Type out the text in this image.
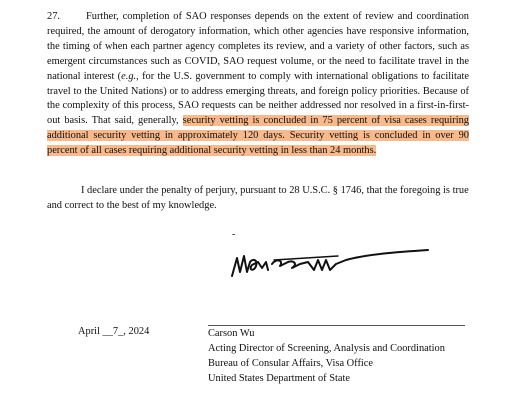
27.	Further, completion of SAO responses depends on the extent of review and coordination required, the amount of derogatory information, which other agencies have responsive information, the timing of when each partner agency completes its review, and a variety of other factors, such as emergent circumstances such as COVID, SAO request volume, or the need to facilitate travel in the national interest (e.g., for the U.S. government to comply with international obligations to facilitate travel to the United Nations) or to address emerging threats, and foreign policy priorities. Because of the complexity of this process, SAO requests can be neither addressed nor resolved in a first-in-first-out basis. That said, generally, security vetting is concluded in 75 percent of visa cases requiring additional security vetting in approximately 120 days. Security vetting is concluded in over 90 percent of all cases requiring additional security vetting in less than 24 months.
I declare under the penalty of perjury, pursuant to 28 U.S.C. § 1746, that the foregoing is true and correct to the best of my knowledge.
-
April __7_, 2024	Carson Wu
Acting Director of Screening, Analysis and Coordination
Bureau of Consular Affairs, Visa Office
United States Department of State
